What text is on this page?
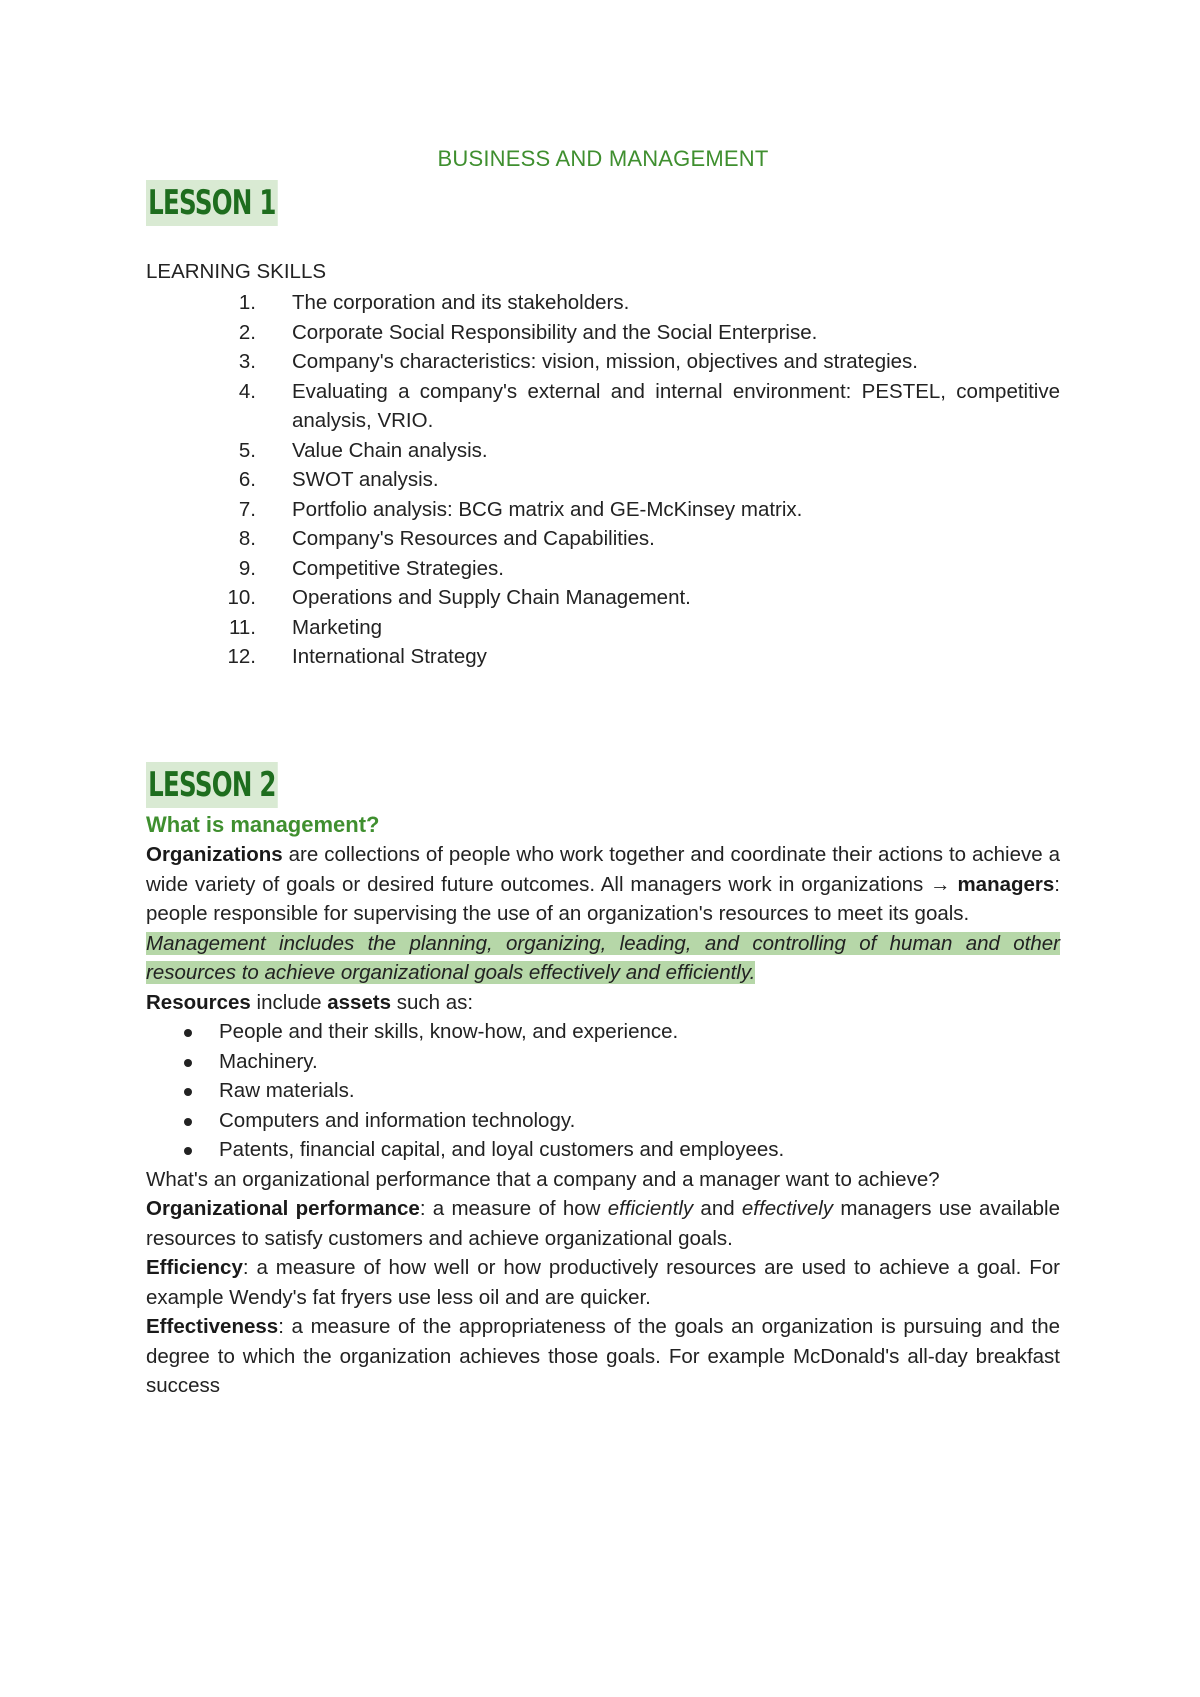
BUSINESS AND MANAGEMENT
LESSON 1
LEARNING SKILLS
1. The corporation and its stakeholders.
2. Corporate Social Responsibility and the Social Enterprise.
3. Company's characteristics: vision, mission, objectives and strategies.
4. Evaluating a company's external and internal environment: PESTEL, competitive analysis, VRIO.
5. Value Chain analysis.
6. SWOT analysis.
7. Portfolio analysis: BCG matrix and GE-McKinsey matrix.
8. Company's Resources and Capabilities.
9. Competitive Strategies.
10. Operations and Supply Chain Management.
11. Marketing
12. International Strategy
LESSON 2

What is management?

Organizations are collections of people who work together and coordinate their actions to achieve a wide variety of goals or desired future outcomes. All managers work in organizations → managers: people responsible for supervising the use of an organization's resources to meet its goals.

Management includes the planning, organizing, leading, and controlling of human and other resources to achieve organizational goals effectively and efficiently.

Resources include assets such as:

People and their skills, know-how, and experience.
Machinery.
Raw materials.
Computers and information technology.
Patents, financial capital, and loyal customers and employees.

What's an organizational performance that a company and a manager want to achieve?

Organizational performance: a measure of how efficiently and effectively managers use available resources to satisfy customers and achieve organizational goals.

Efficiency: a measure of how well or how productively resources are used to achieve a goal. For example Wendy's fat fryers use less oil and are quicker.

Effectiveness: a measure of the appropriateness of the goals an organization is pursuing and the degree to which the organization achieves those goals. For example McDonald's all-day breakfast success
